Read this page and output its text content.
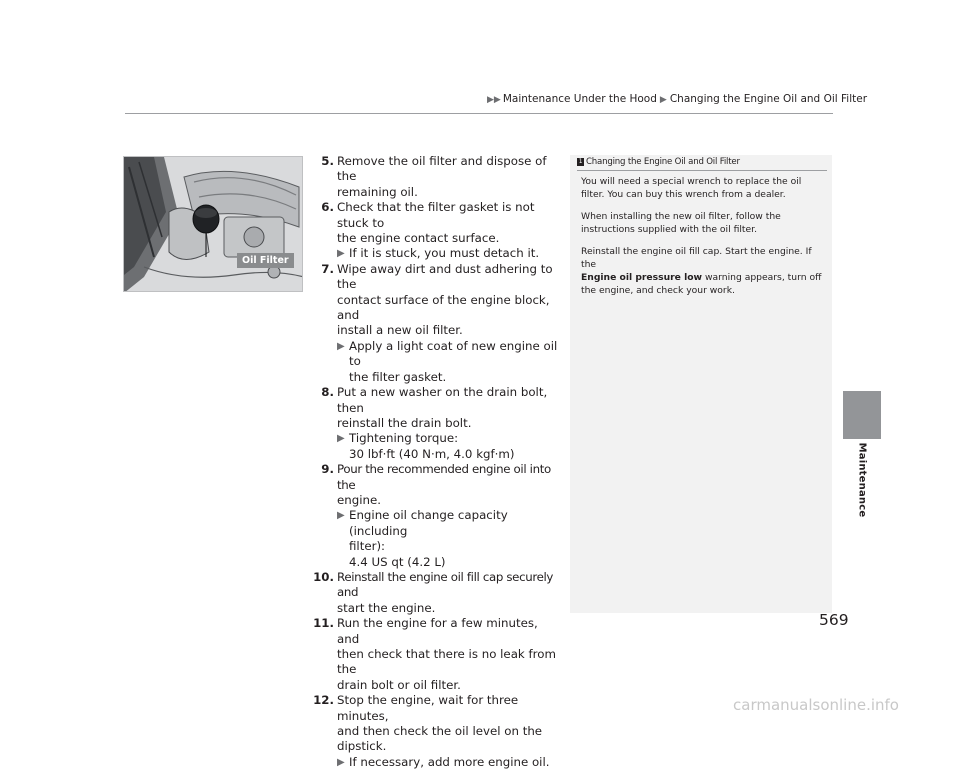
▶▶ Maintenance Under the Hood ▶ Changing the Engine Oil and Oil Filter
Maintenance
Oil Filter
5. Remove the oil filter and dispose of the
remaining oil.
6. Check that the filter gasket is not stuck to
the engine contact surface.
▶ If it is stuck, you must detach it.
7. Wipe away dirt and dust adhering to the
contact surface of the engine block, and
install a new oil filter.
▶ Apply a light coat of new engine oil to
the filter gasket.
8. Put a new washer on the drain bolt, then
reinstall the drain bolt.
▶ Tightening torque:
30 lbf·ft (40 N·m, 4.0 kgf·m)
9. Pour the recommended engine oil into the
engine.
▶ Engine oil change capacity (including
filter):
4.4 US qt (4.2 L)
10. Reinstall the engine oil fill cap securely and
start the engine.
11. Run the engine for a few minutes, and
then check that there is no leak from the
drain bolt or oil filter.
12. Stop the engine, wait for three minutes,
and then check the oil level on the
dipstick.
▶ If necessary, add more engine oil.
1 Changing the Engine Oil and Oil Filter

You will need a special wrench to replace the oil
filter. You can buy this wrench from a dealer.

When installing the new oil filter, follow the
instructions supplied with the oil filter.

Reinstall the engine oil fill cap. Start the engine. If the
Engine oil pressure low warning appears, turn off
the engine, and check your work.

569
carmanualsonline.info
